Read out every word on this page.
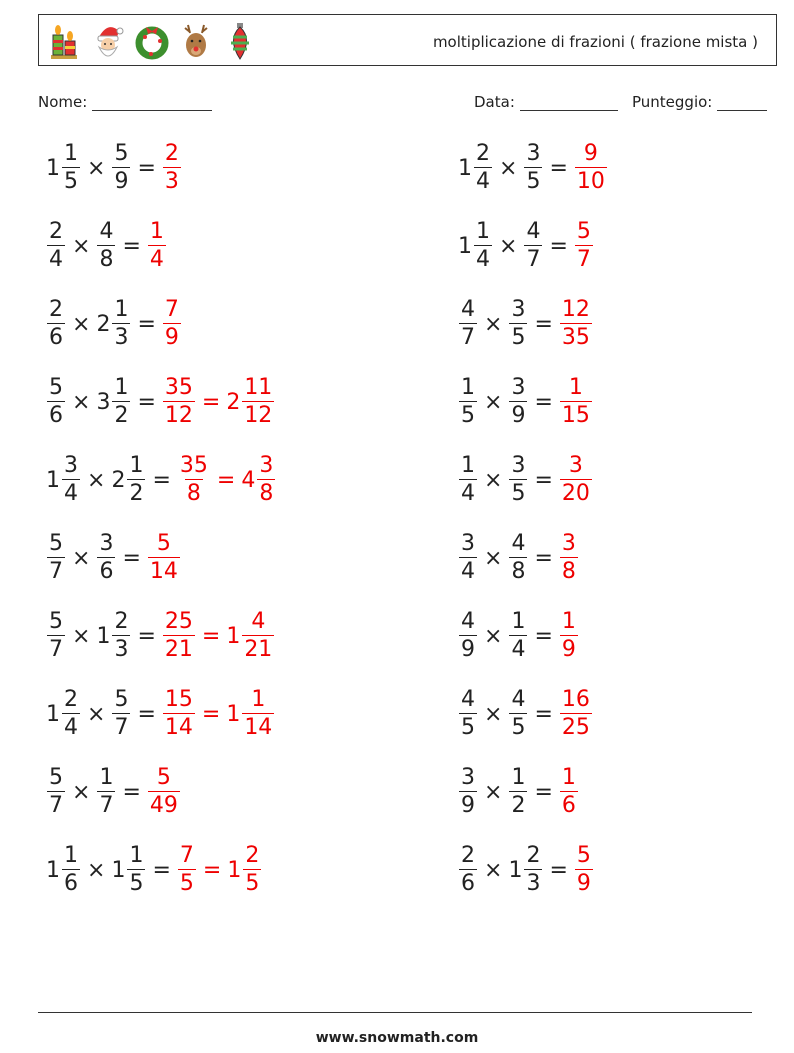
moltiplicazione di frazioni ( frazione mista )
Nome:	Data:	Punteggio:
$1 \frac{1}{5} \times \frac{5}{9} = \frac{2}{3}$	$1 \frac{2}{4} \times \frac{3}{5} = \frac{9}{10}$
$\frac{2}{4} \times \frac{4}{8} = \frac{1}{4}$	$1 \frac{1}{4} \times \frac{4}{7} = \frac{5}{7}$
$\frac{2}{6} \times 2 \frac{1}{3} = \frac{7}{9}$	$\frac{4}{7} \times \frac{3}{5} = \frac{12}{35}$
$\frac{5}{6} \times 3 \frac{1}{2} = \frac{35}{12} = 2 \frac{11}{12}$	$\frac{1}{5} \times \frac{3}{9} = \frac{1}{15}$
$1 \frac{3}{4} \times 2 \frac{1}{2} = \frac{35}{8} = 4 \frac{3}{8}$	$\frac{1}{4} \times \frac{3}{5} = \frac{3}{20}$
$\frac{5}{7} \times \frac{3}{6} = \frac{5}{14}$	$\frac{3}{4} \times \frac{4}{8} = \frac{3}{8}$
$\frac{5}{7} \times 1 \frac{2}{3} = \frac{25}{21} = 1 \frac{4}{21}$	$\frac{4}{9} \times \frac{1}{4} = \frac{1}{9}$
$1 \frac{2}{4} \times \frac{5}{7} = \frac{15}{14} = 1 \frac{1}{14}$	$\frac{4}{5} \times \frac{4}{5} = \frac{16}{25}$
$\frac{5}{7} \times \frac{1}{7} = \frac{5}{49}$	$\frac{3}{9} \times \frac{1}{2} = \frac{1}{6}$
$1 \frac{1}{6} \times 1 \frac{1}{5} = \frac{7}{5} = 1 \frac{2}{5}$	$\frac{2}{6} \times 1 \frac{2}{3} = \frac{5}{9}$
www.snowmath.com
